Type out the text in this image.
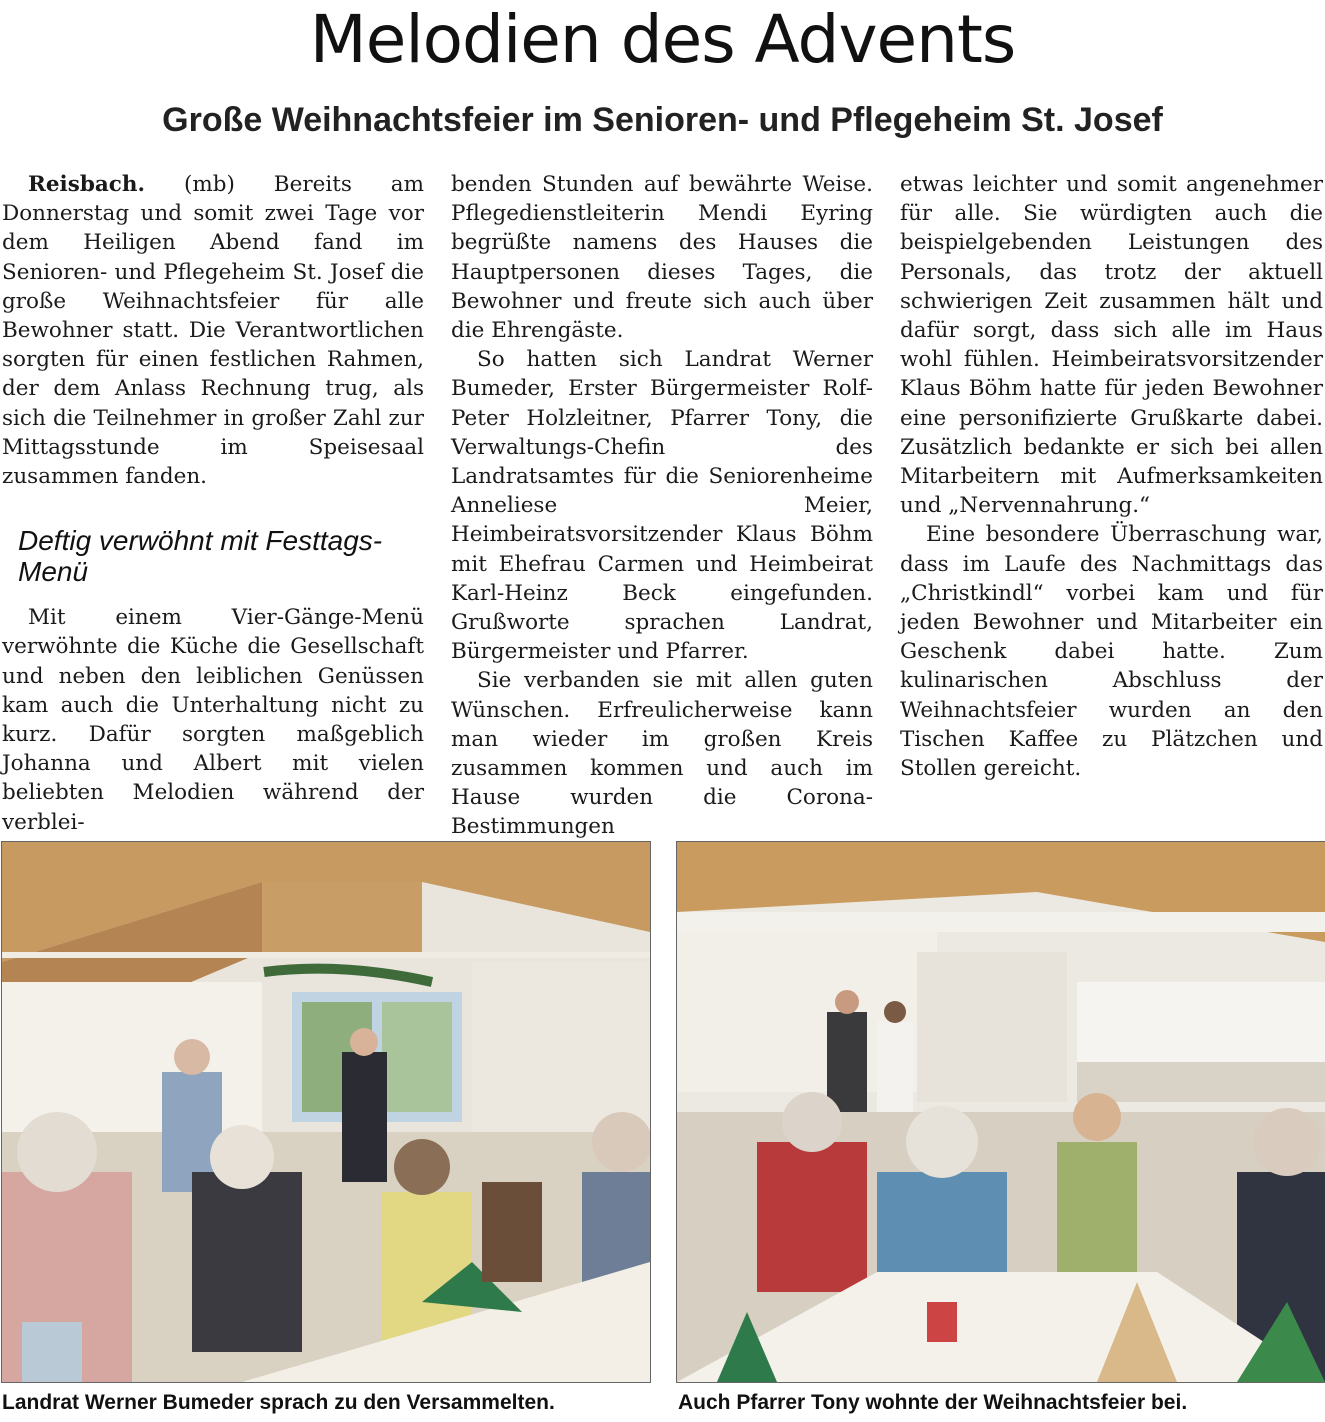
Melodien des Advents
Große Weihnachtsfeier im Senioren- und Pflegeheim St. Josef

Reisbach. (mb) Bereits am Donnerstag und somit zwei Tage vor dem Heiligen Abend fand im Senioren- und Pflegeheim St. Josef die große Weihnachtsfeier für alle Bewohner statt. Die Verantwortlichen sorgten für einen festlichen Rahmen, der dem Anlass Rechnung trug, als sich die Teilnehmer in großer Zahl zur Mittagsstunde im Speisesaal zusammen fanden.

Deftig verwöhnt mit Festtags-Menü

Mit einem Vier-Gänge-Menü verwöhnte die Küche die Gesellschaft und neben den leiblichen Genüssen kam auch die Unterhaltung nicht zu kurz. Dafür sorgten maßgeblich Johanna und Albert mit vielen beliebten Melodien während der verblei-

benden Stunden auf bewährte Weise. Pflegedienstleiterin Mendi Eyring begrüßte namens des Hauses die Hauptpersonen dieses Tages, die Bewohner und freute sich auch über die Ehrengäste.

So hatten sich Landrat Werner Bumeder, Erster Bürgermeister Rolf-Peter Holzleitner, Pfarrer Tony, die Verwaltungs-Chefin des Landratsamtes für die Seniorenheime Anneliese Meier, Heimbeiratsvorsitzender Klaus Böhm mit Ehefrau Carmen und Heimbeirat Karl-Heinz Beck eingefunden. Grußworte sprachen Landrat, Bürgermeister und Pfarrer.

Sie verbanden sie mit allen guten Wünschen. Erfreulicherweise kann man wieder im großen Kreis zusammen kommen und auch im Hause wurden die Corona-Bestimmungen

etwas leichter und somit angenehmer für alle. Sie würdigten auch die beispielgebenden Leistungen des Personals, das trotz der aktuell schwierigen Zeit zusammen hält und dafür sorgt, dass sich alle im Haus wohl fühlen. Heimbeiratsvorsitzender Klaus Böhm hatte für jeden Bewohner eine personifizierte Grußkarte dabei. Zusätzlich bedankte er sich bei allen Mitarbeitern mit Aufmerksamkeiten und „Nervennahrung.“

Eine besondere Überraschung war, dass im Laufe des Nachmittags das „Christkindl“ vorbei kam und für jeden Bewohner und Mitarbeiter ein Geschenk dabei hatte. Zum kulinarischen Abschluss der Weihnachtsfeier wurden an den Tischen Kaffee zu Plätzchen und Stollen gereicht.

Landrat Werner Bumeder sprach zu den Versammelten.	Auch Pfarrer Tony wohnte der Weihnachtsfeier bei.
